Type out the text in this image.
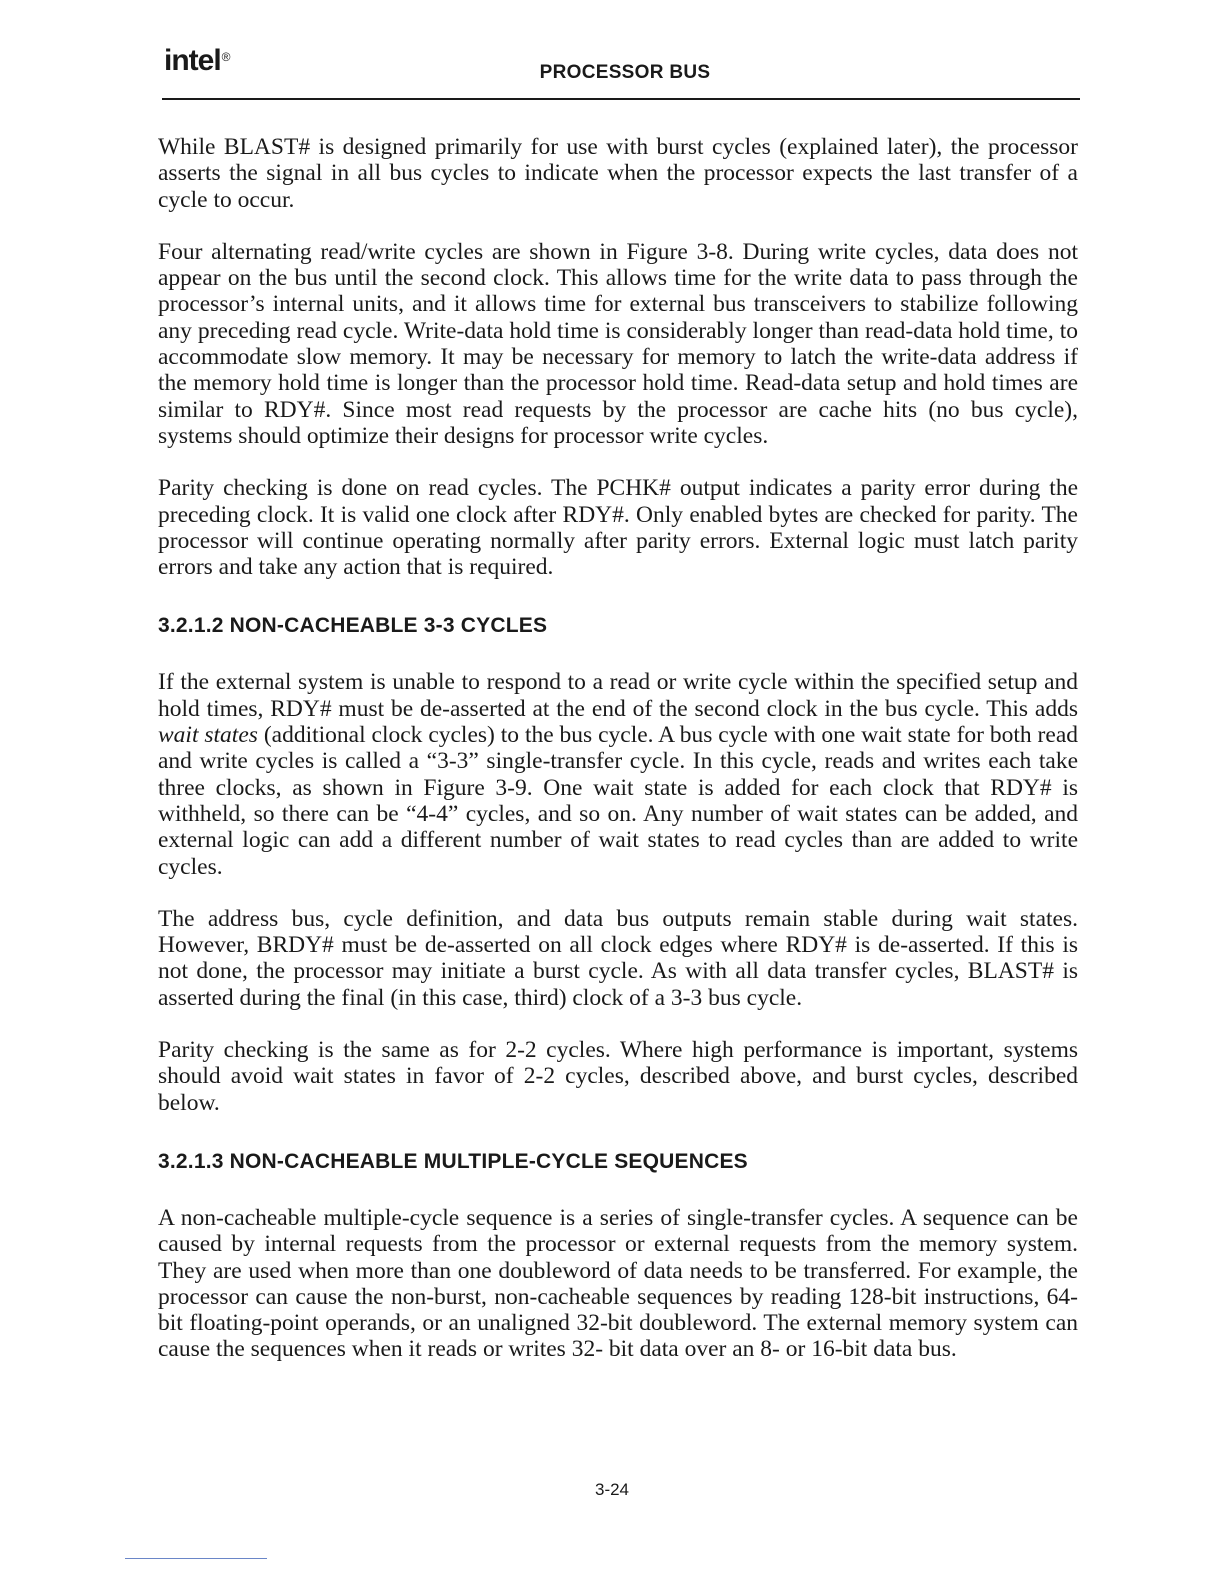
intel®
PROCESSOR BUS

While BLAST# is designed primarily for use with burst cycles (explained later), the processor asserts the signal in all bus cycles to indicate when the processor expects the last transfer of a cycle to occur.

Four alternating read/write cycles are shown in Figure 3-8. During write cycles, data does not appear on the bus until the second clock. This allows time for the write data to pass through the processor’s internal units, and it allows time for external bus transceivers to stabilize following any preceding read cycle. Write-data hold time is considerably longer than read-data hold time, to accommodate slow memory. It may be necessary for memory to latch the write-data address if the memory hold time is longer than the processor hold time. Read-data setup and hold times are similar to RDY#. Since most read requests by the processor are cache hits (no bus cycle), systems should optimize their designs for processor write cycles.

Parity checking is done on read cycles. The PCHK# output indicates a parity error during the preceding clock. It is valid one clock after RDY#. Only enabled bytes are checked for parity. The processor will continue operating normally after parity errors. External logic must latch parity errors and take any action that is required.

3.2.1.2 NON-CACHEABLE 3-3 CYCLES

If the external system is unable to respond to a read or write cycle within the specified setup and hold times, RDY# must be de-asserted at the end of the second clock in the bus cycle. This adds wait states (additional clock cycles) to the bus cycle. A bus cycle with one wait state for both read and write cycles is called a “3-3” single-transfer cycle. In this cycle, reads and writes each take three clocks, as shown in Figure 3-9. One wait state is added for each clock that RDY# is withheld, so there can be “4-4” cycles, and so on. Any number of wait states can be added, and external logic can add a different number of wait states to read cycles than are added to write cycles.

The address bus, cycle definition, and data bus outputs remain stable during wait states. However, BRDY# must be de-asserted on all clock edges where RDY# is de-asserted. If this is not done, the processor may initiate a burst cycle. As with all data transfer cycles, BLAST# is asserted during the final (in this case, third) clock of a 3-3 bus cycle.

Parity checking is the same as for 2-2 cycles. Where high performance is important, systems should avoid wait states in favor of 2-2 cycles, described above, and burst cycles, described below.

3.2.1.3 NON-CACHEABLE MULTIPLE-CYCLE SEQUENCES

A non-cacheable multiple-cycle sequence is a series of single-transfer cycles. A sequence can be caused by internal requests from the processor or external requests from the memory system. They are used when more than one doubleword of data needs to be transferred. For example, the processor can cause the non-burst, non-cacheable sequences by reading 128-bit instructions, 64-bit floating-point operands, or an unaligned 32-bit doubleword. The external memory system can cause the sequences when it reads or writes 32- bit data over an 8- or 16-bit data bus.

3-24
